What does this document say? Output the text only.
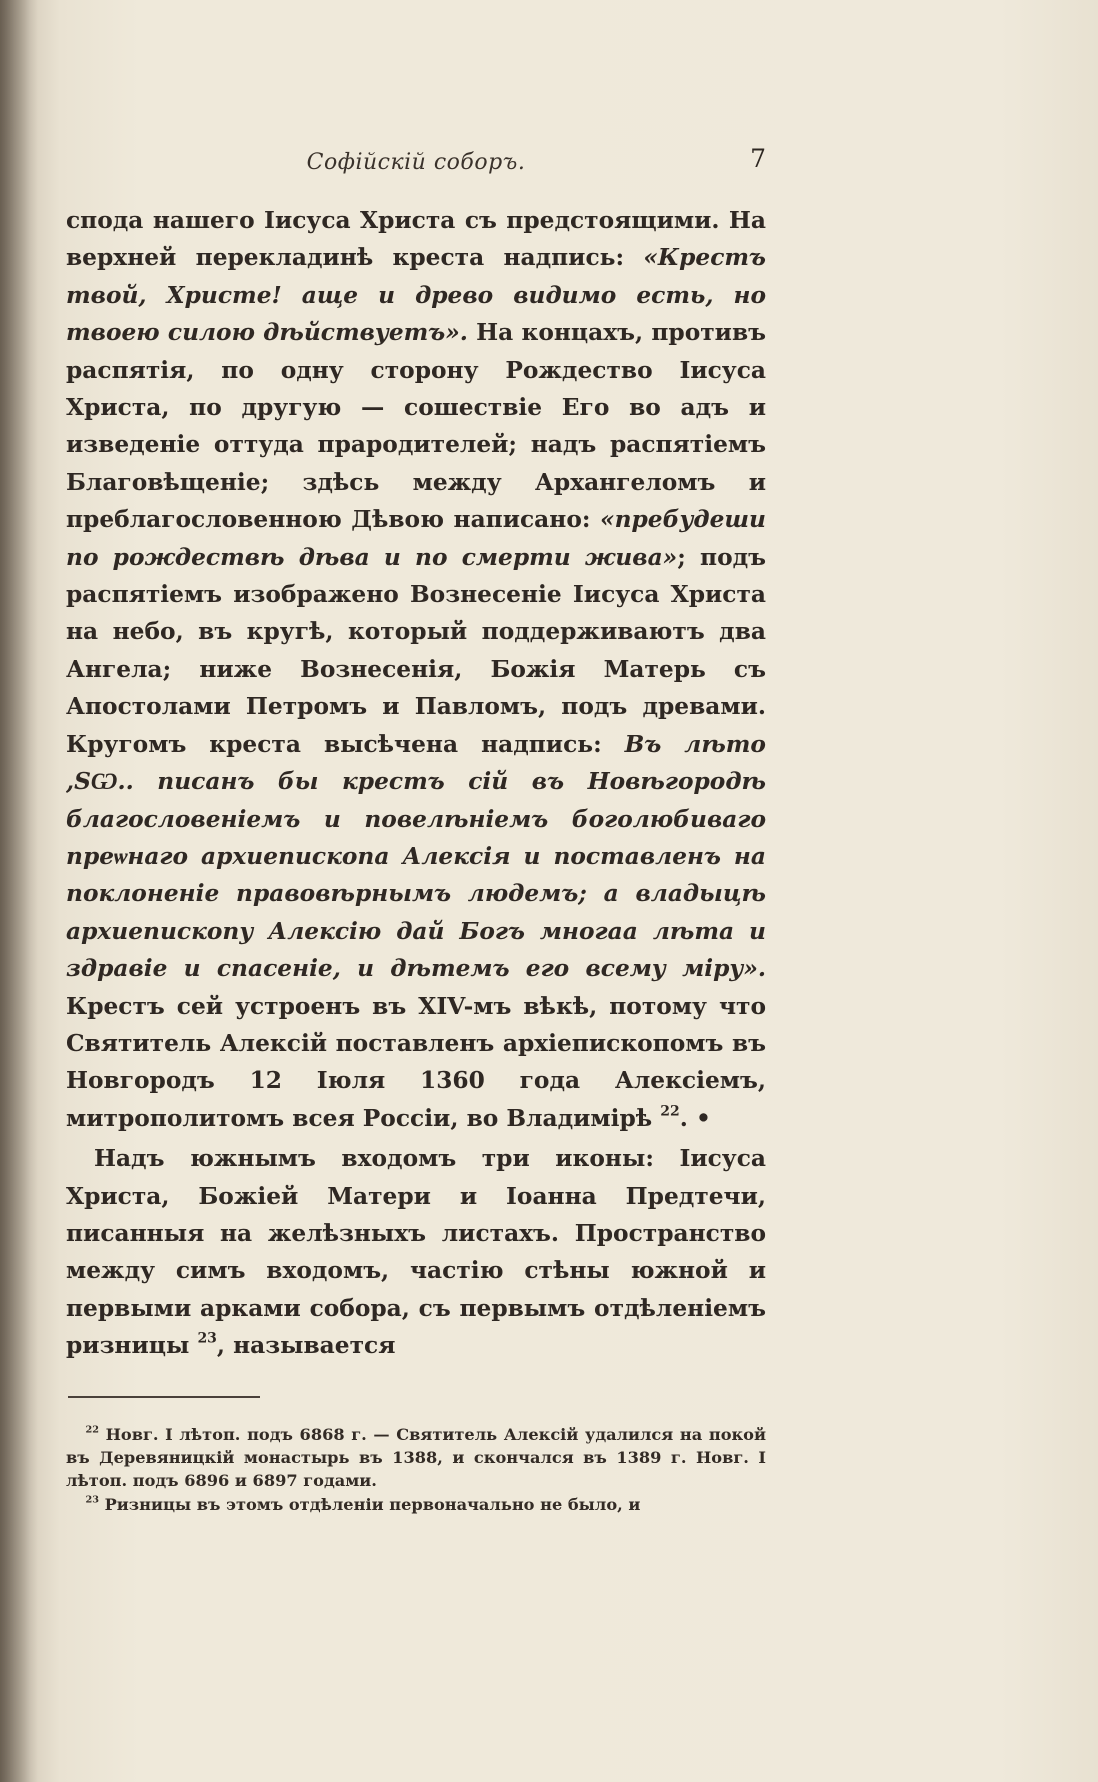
Софійскій соборъ.	7

спода нашего Іисуса Христа съ предстоящими. На верхней перекладинѣ креста надпись: «Крестъ твой, Христе! аще и древо видимо есть, но твоею силою дѣйствуетъ». На концахъ, противъ распятія, по одну сторону Рождество Іисуса Христа, по другую — сошествіе Его во адъ и изведеніе оттуда прародителей; надъ распятіемъ Благовѣщеніе; здѣсь между Архангеломъ и преблагословенною Дѣвою написано: «пребудеши по рождествѣ дѣва и по смерти жива»; подъ распятіемъ изображено Вознесеніе Іисуса Христа на небо, въ кругѣ, который поддерживаютъ два Ангела; ниже Вознесенія, Божія Матерь съ Апостолами Петромъ и Павломъ, подъ древами. Кругомъ креста высѣчена надпись: Въ лѣто ,ЅѠ.. писанъ бы крестъ сій въ Новѣгородѣ благословеніемъ и повелѣніемъ боголюбиваго преѡнаго архиепископа Алексія и поставленъ на поклоненіе правовѣрнымъ людемъ; а владыцѣ архиепископу Алексію дай Богъ многаа лѣта и здравіе и спасеніе, и дѣтемъ его всему міру». Крестъ сей устроенъ въ XIV-мъ вѣкѣ, потому что Святитель Алексій поставленъ архіепископомъ въ Новгородъ 12 Іюля 1360 года Алексіемъ, митрополитомъ всея Россіи, во Владимірѣ $^{22}$. •

Надъ южнымъ входомъ три иконы: Іисуса Христа, Божіей Матери и Іоанна Предтечи, писанныя на желѣзныхъ листахъ. Пространство между симъ входомъ, частію стѣны южной и первыми арками собора, съ первымъ отдѣленіемъ ризницы $^{23}$, называется

$^{22}$ Новг. I лѣтоп. подъ 6868 г. — Святитель Алексій удалился на покой въ Деревяницкій монастырь въ 1388, и скончался въ 1389 г. Новг. I лѣтоп. подъ 6896 и 6897 годами.

$^{23}$ Ризницы въ этомъ отдѣленіи первоначально не было, и
